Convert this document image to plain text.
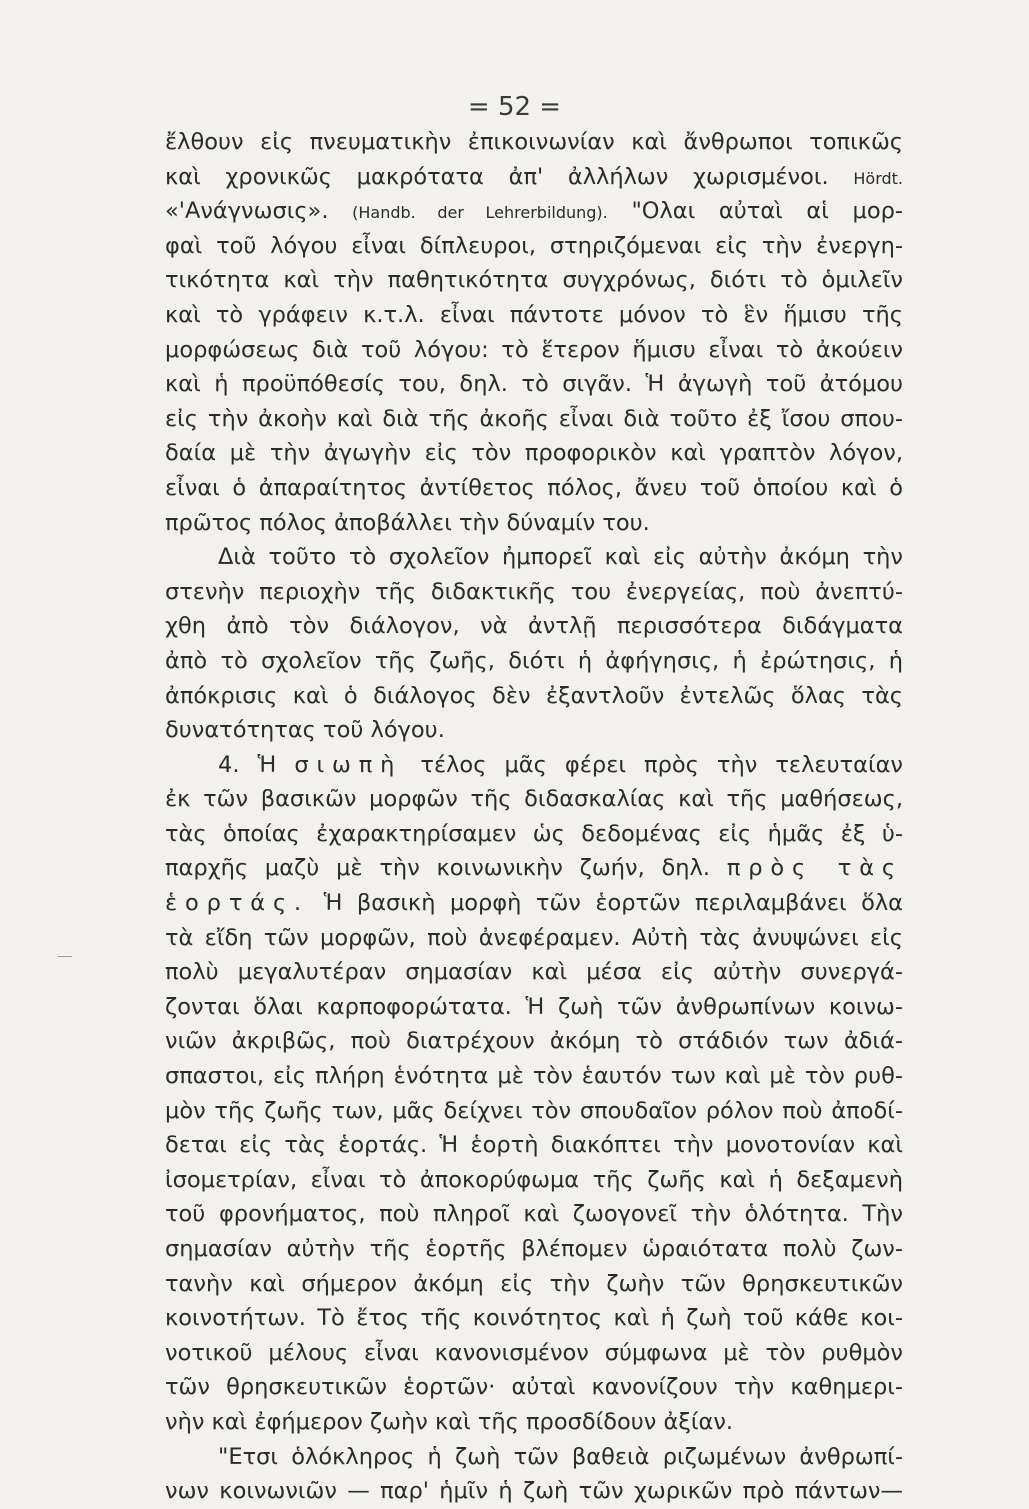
= 52 =
ἔλθουν εἰς πνευματικὴν ἐπικοινωνίαν καὶ ἄνθρωποι τοπικῶς
καὶ χρονικῶς μακρότατα ἀπ' ἀλλήλων χωρισμένοι. Hördt.
«'Ανάγνωσις». (Handb. der Lehrerbildung). "Ολαι αὐταὶ αἱ μορ-
φαὶ τοῦ λόγου εἶναι δίπλευροι, στηριζόμεναι εἰς τὴν ἐνεργη-
τικότητα καὶ τὴν παθητικότητα συγχρόνως, διότι τὸ ὁμιλεῖν
καὶ τὸ γράφειν κ.τ.λ. εἶναι πάντοτε μόνον τὸ ἓν ἥμισυ τῆς
μορφώσεως διὰ τοῦ λόγου: τὸ ἕτερον ἥμισυ εἶναι τὸ ἀκούειν
καὶ ἡ προϋπόθεσίς του, δηλ. τὸ σιγᾶν. Ἡ ἀγωγὴ τοῦ ἀτόμου
εἰς τὴν ἀκοὴν καὶ διὰ τῆς ἀκοῆς εἶναι διὰ τοῦτο ἐξ ἴσου σπου-
δαία μὲ τὴν ἀγωγὴν εἰς τὸν προφορικὸν καὶ γραπτὸν λόγον,
εἶναι ὁ ἀπαραίτητος ἀντίθετος πόλος, ἄνευ τοῦ ὁποίου καὶ ὁ
πρῶτος πόλος ἀποβάλλει τὴν δύναμίν του.
Διὰ τοῦτο τὸ σχολεῖον ἠμπορεῖ καὶ εἰς αὐτὴν ἀκόμη τὴν
στενὴν περιοχὴν τῆς διδακτικῆς του ἐνεργείας, ποὺ ἀνεπτύ-
χθη ἀπὸ τὸν διάλογον, νὰ ἀντλῇ περισσότερα διδάγματα
ἀπὸ τὸ σχολεῖον τῆς ζωῆς, διότι ἡ ἀφήγησις, ἡ ἐρώτησις, ἡ
ἀπόκρισις καὶ ὁ διάλογος δὲν ἐξαντλοῦν ἐντελῶς ὅλας τὰς
δυνατότητας τοῦ λόγου.
4. Ἡ σιωπὴ τέλος μᾶς φέρει πρὸς τὴν τελευταίαν
ἐκ τῶν βασικῶν μορφῶν τῆς διδασκαλίας καὶ τῆς μαθήσεως,
τὰς ὁποίας ἐχαρακτηρίσαμεν ὡς δεδομένας εἰς ἡμᾶς ἐξ ὑ-
παρχῆς μαζὺ μὲ τὴν κοινωνικὴν ζωήν, δηλ. πρὸς τὰς
ἑορτάς. Ἡ βασικὴ μορφὴ τῶν ἑορτῶν περιλαμβάνει ὅλα
τὰ εἴδη τῶν μορφῶν, ποὺ ἀνεφέραμεν. Αὐτὴ τὰς ἀνυψώνει εἰς
πολὺ μεγαλυτέραν σημασίαν καὶ μέσα εἰς αὐτὴν συνεργά-
ζονται ὅλαι καρποφορώτατα. Ἡ ζωὴ τῶν ἀνθρωπίνων κοινω-
νιῶν ἀκριβῶς, ποὺ διατρέχουν ἀκόμη τὸ στάδιόν των ἀδιά-
σπαστοι, εἰς πλήρη ἑνότητα μὲ τὸν ἑαυτόν των καὶ μὲ τὸν ρυθ-
μὸν τῆς ζωῆς των, μᾶς δείχνει τὸν σπουδαῖον ρόλον ποὺ ἀποδί-
δεται εἰς τὰς ἑορτάς. Ἡ ἑορτὴ διακόπτει τὴν μονοτονίαν καὶ
ἰσομετρίαν, εἶναι τὸ ἀποκορύφωμα τῆς ζωῆς καὶ ἡ δεξαμενὴ
τοῦ φρονήματος, ποὺ πληροῖ καὶ ζωογονεῖ τὴν ὁλότητα. Τὴν
σημασίαν αὐτὴν τῆς ἑορτῆς βλέπομεν ὡραιότατα πολὺ ζων-
τανὴν καὶ σήμερον ἀκόμη εἰς τὴν ζωὴν τῶν θρησκευτικῶν
κοινοτήτων. Τὸ ἔτος τῆς κοινότητος καὶ ἡ ζωὴ τοῦ κάθε κοι-
νοτικοῦ μέλους εἶναι κανονισμένον σύμφωνα μὲ τὸν ρυθμὸν
τῶν θρησκευτικῶν ἑορτῶν· αὐταὶ κανονίζουν τὴν καθημερι-
νὴν καὶ ἐφήμερον ζωὴν καὶ τῆς προσδίδουν ἀξίαν.
"Ετσι ὁλόκληρος ἡ ζωὴ τῶν βαθειὰ ριζωμένων ἀνθρωπί-
νων κοινωνιῶν — παρ' ἡμῖν ἡ ζωὴ τῶν χωρικῶν πρὸ πάντων—
